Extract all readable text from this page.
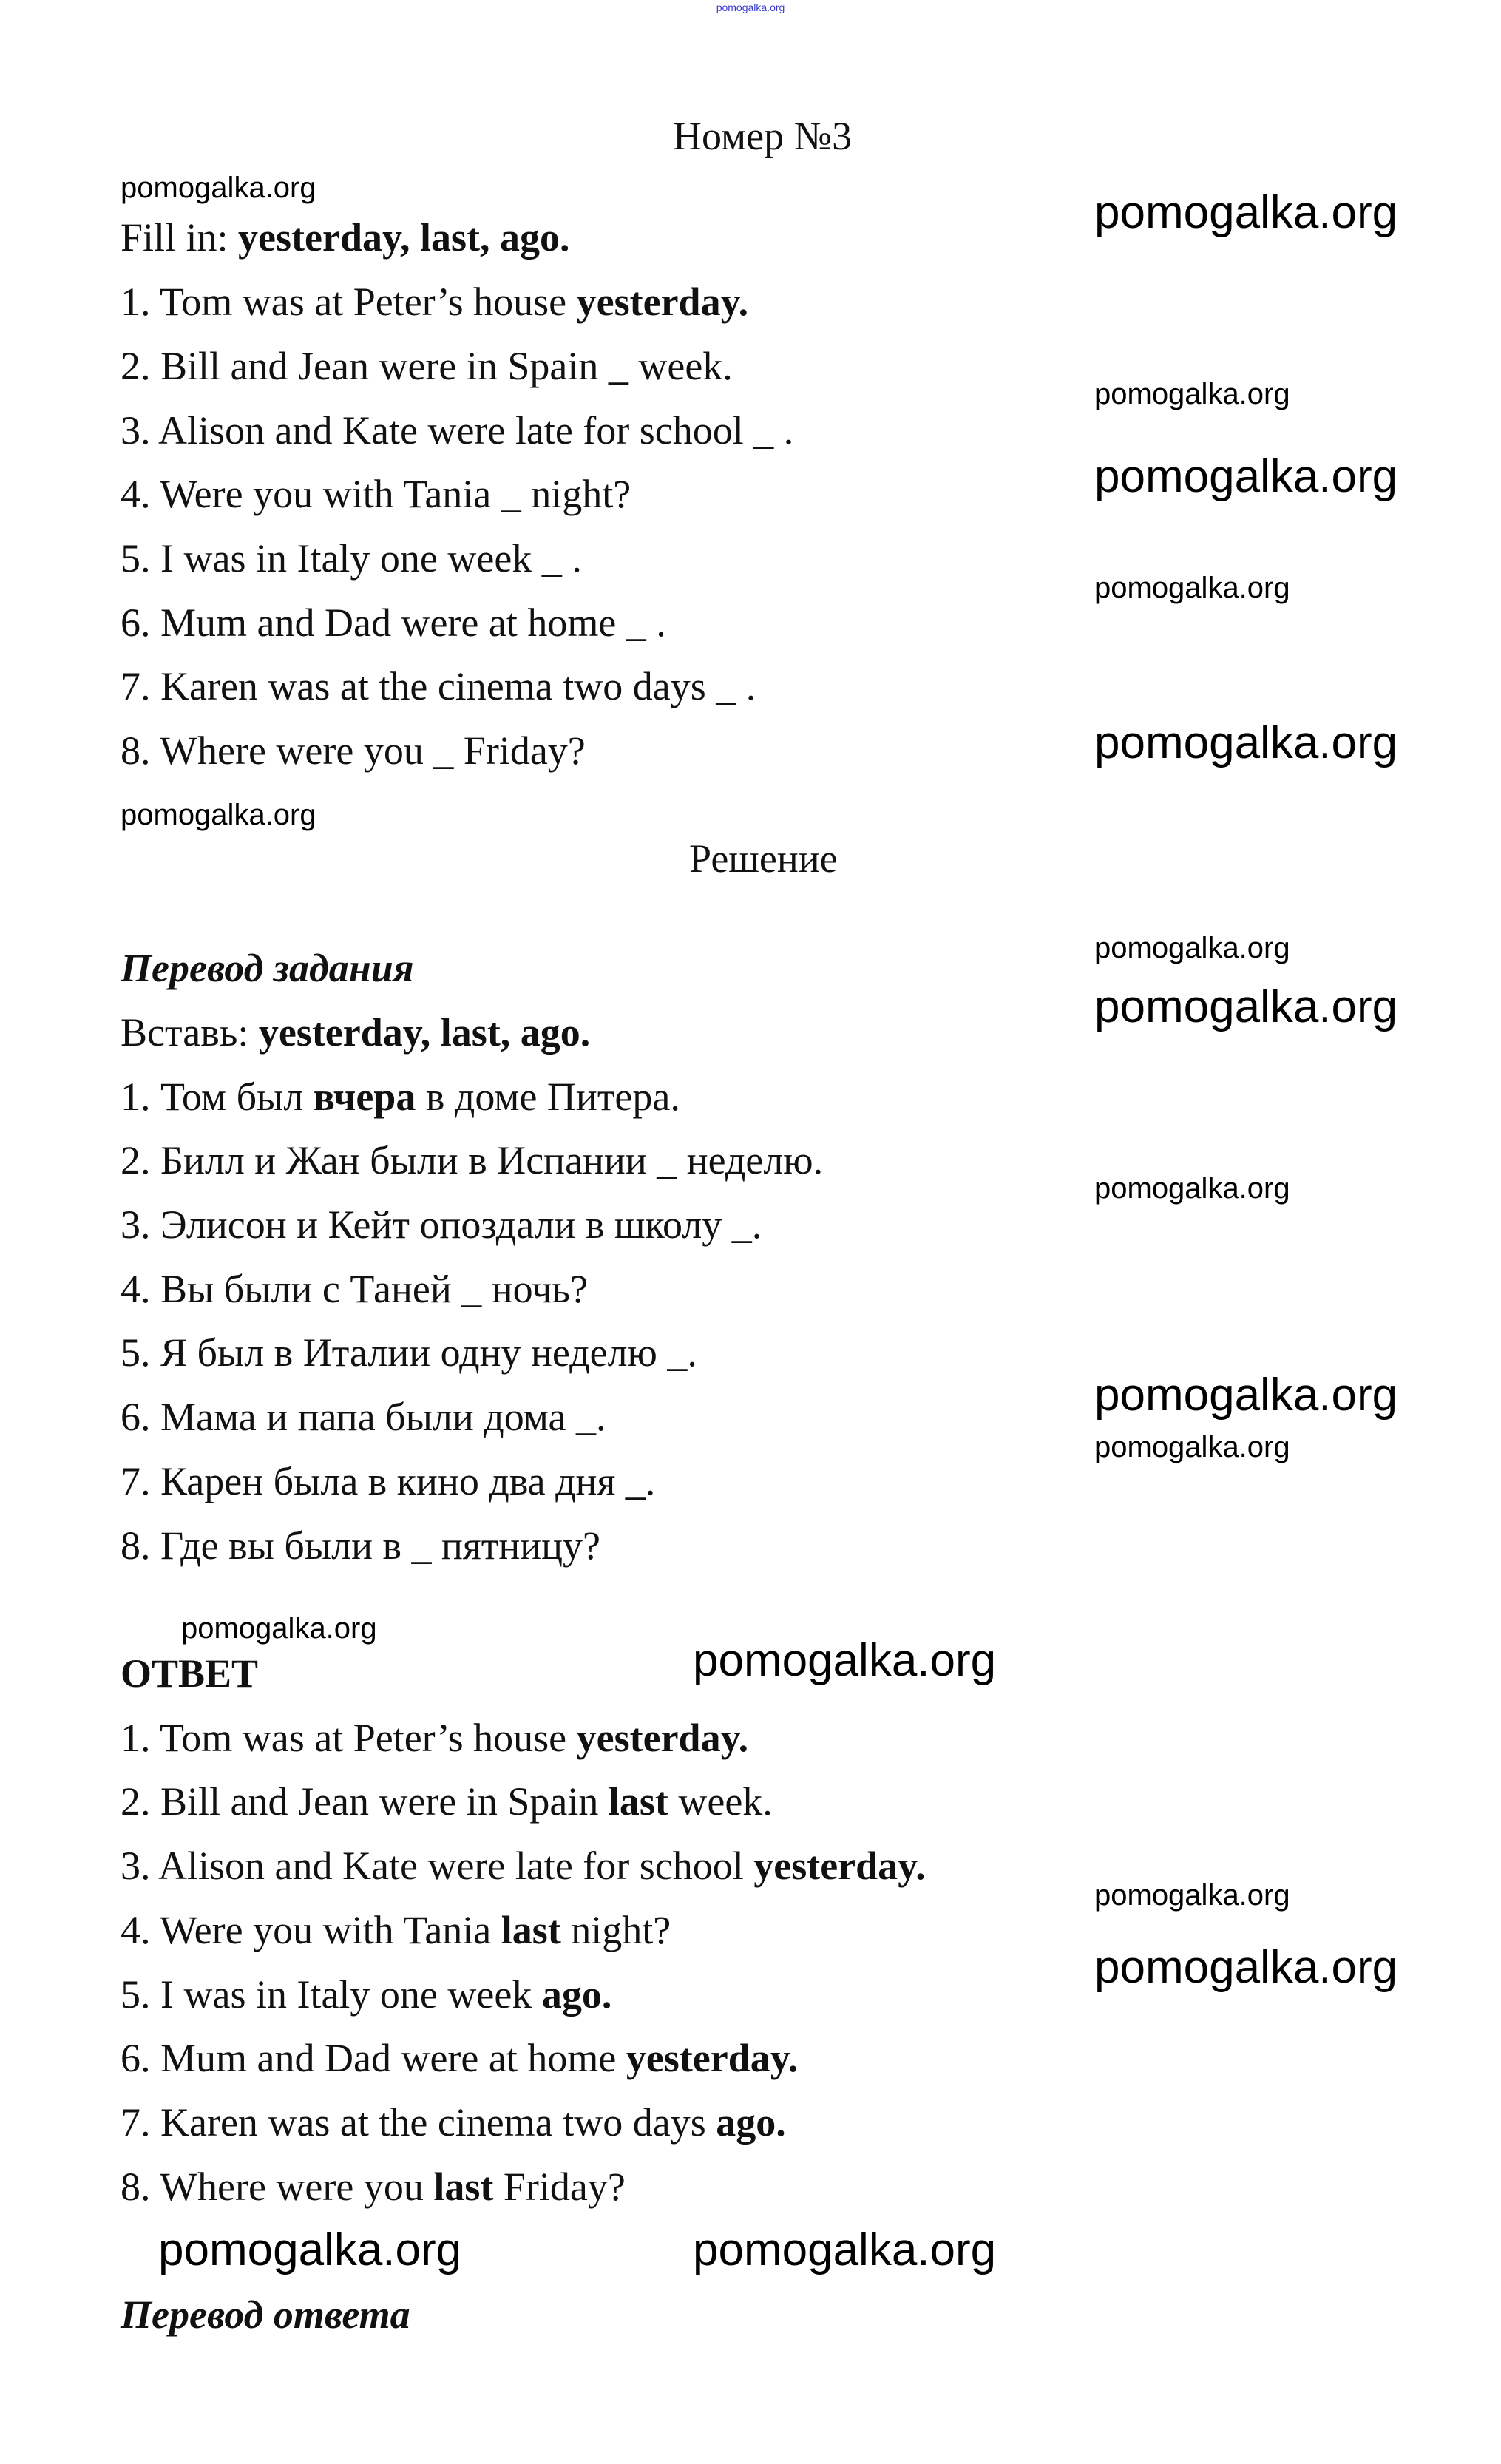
pomogalka.org
Номер №3
Fill in: yesterday, last, ago.
1. Tom was at Peter’s house yesterday.
2. Bill and Jean were in Spain _ week.
3. Alison and Kate were late for school _ .
4. Were you with Tania _ night?
5. I was in Italy one week _ .
6. Mum and Dad were at home _ .
7. Karen was at the cinema two days _ .
8. Where were you _ Friday?
Решение
Перевод задания
Вставь: yesterday, last, ago.
1. Том был вчера в доме Питера.
2. Билл и Жан были в Испании _ неделю.
3. Элисон и Кейт опоздали в школу _.
4. Вы были с Таней _ ночь?
5. Я был в Италии одну неделю _.
6. Мама и папа были дома _.
7. Карен была в кино два дня _.
8. Где вы были в _ пятницу?
ОТВЕТ
1. Tom was at Peter’s house yesterday.
2. Bill and Jean were in Spain last week.
3. Alison and Kate were late for school yesterday.
4. Were you with Tania last night?
5. I was in Italy one week ago.
6. Mum and Dad were at home yesterday.
7. Karen was at the cinema two days ago.
8. Where were you last Friday?
Перевод ответа
pomogalka.org
pomogalka.org
pomogalka.org
pomogalka.org
pomogalka.org
pomogalka.org
pomogalka.org
pomogalka.org
pomogalka.org
pomogalka.org
pomogalka.org
pomogalka.org
pomogalka.org
pomogalka.org
pomogalka.org
pomogalka.org
pomogalka.org	pomogalka.org
